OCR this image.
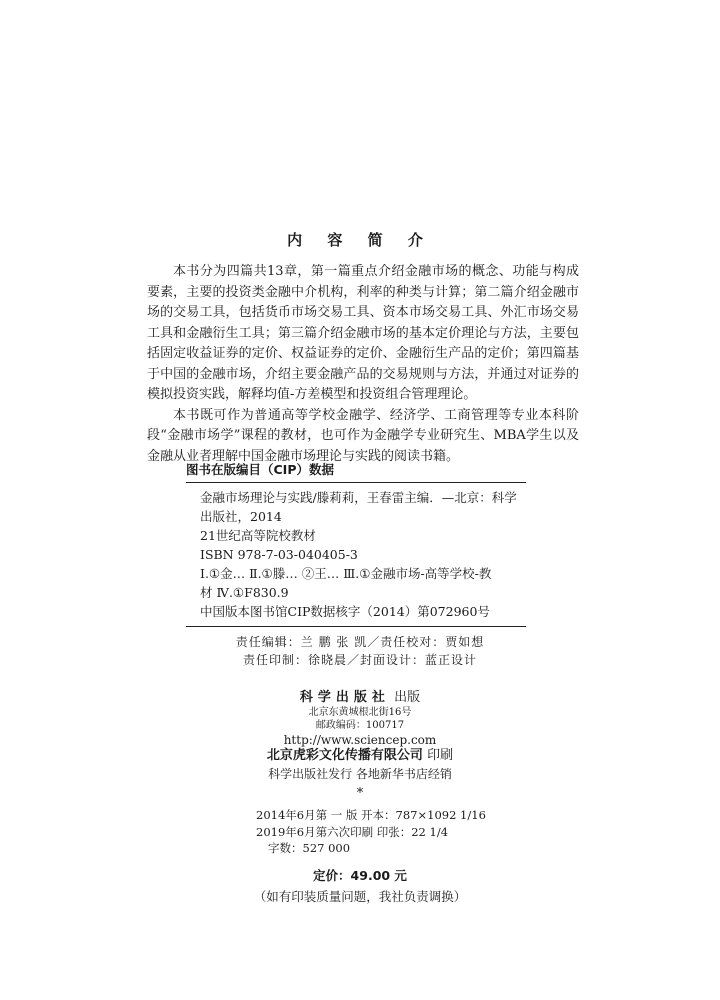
内 容 简 介

本书分为四篇共13章，第一篇重点介绍金融市场的概念、功能与构成要素，主要的投资类金融中介机构，利率的种类与计算；第二篇介绍金融市场的交易工具，包括货币市场交易工具、资本市场交易工具、外汇市场交易工具和金融衍生工具；第三篇介绍金融市场的基本定价理论与方法，主要包括固定收益证券的定价、权益证券的定价、金融衍生产品的定价；第四篇基于中国的金融市场，介绍主要金融产品的交易规则与方法，并通过对证券的模拟投资实践，解释均值-方差模型和投资组合管理理论。

本书既可作为普通高等学校金融学、经济学、工商管理等专业本科阶段“金融市场学”课程的教材，也可作为金融学专业研究生、MBA学生以及金融从业者理解中国金融市场理论与实践的阅读书籍。

图书在版编目（CIP）数据
金融市场理论与实践/滕莉莉，王春雷主编．—北京：科学
出版社，2014
21世纪高等院校教材
ISBN 978-7-03-040405-3
Ⅰ.①金… Ⅱ.①滕… ②王… Ⅲ.①金融市场-高等学校-教
材 Ⅳ.①F830.9
中国版本图书馆CIP数据核字（2014）第072960号
责任编辑：兰 鹏 张 凯／责任校对：贾如想
责任印制：徐晓晨／封面设计：蓝正设计
科学出版社 出版
北京东黄城根北街16号
邮政编码：100717
http://www.sciencep.com
北京虎彩文化传播有限公司 印刷
科学出版社发行 各地新华书店经销
*
2014年6月第 一 版 开本：787×1092 1/16
2019年6月第六次印刷 印张：22 1/4
字数：527 000
定价：49.00 元
（如有印装质量问题，我社负责调换）
